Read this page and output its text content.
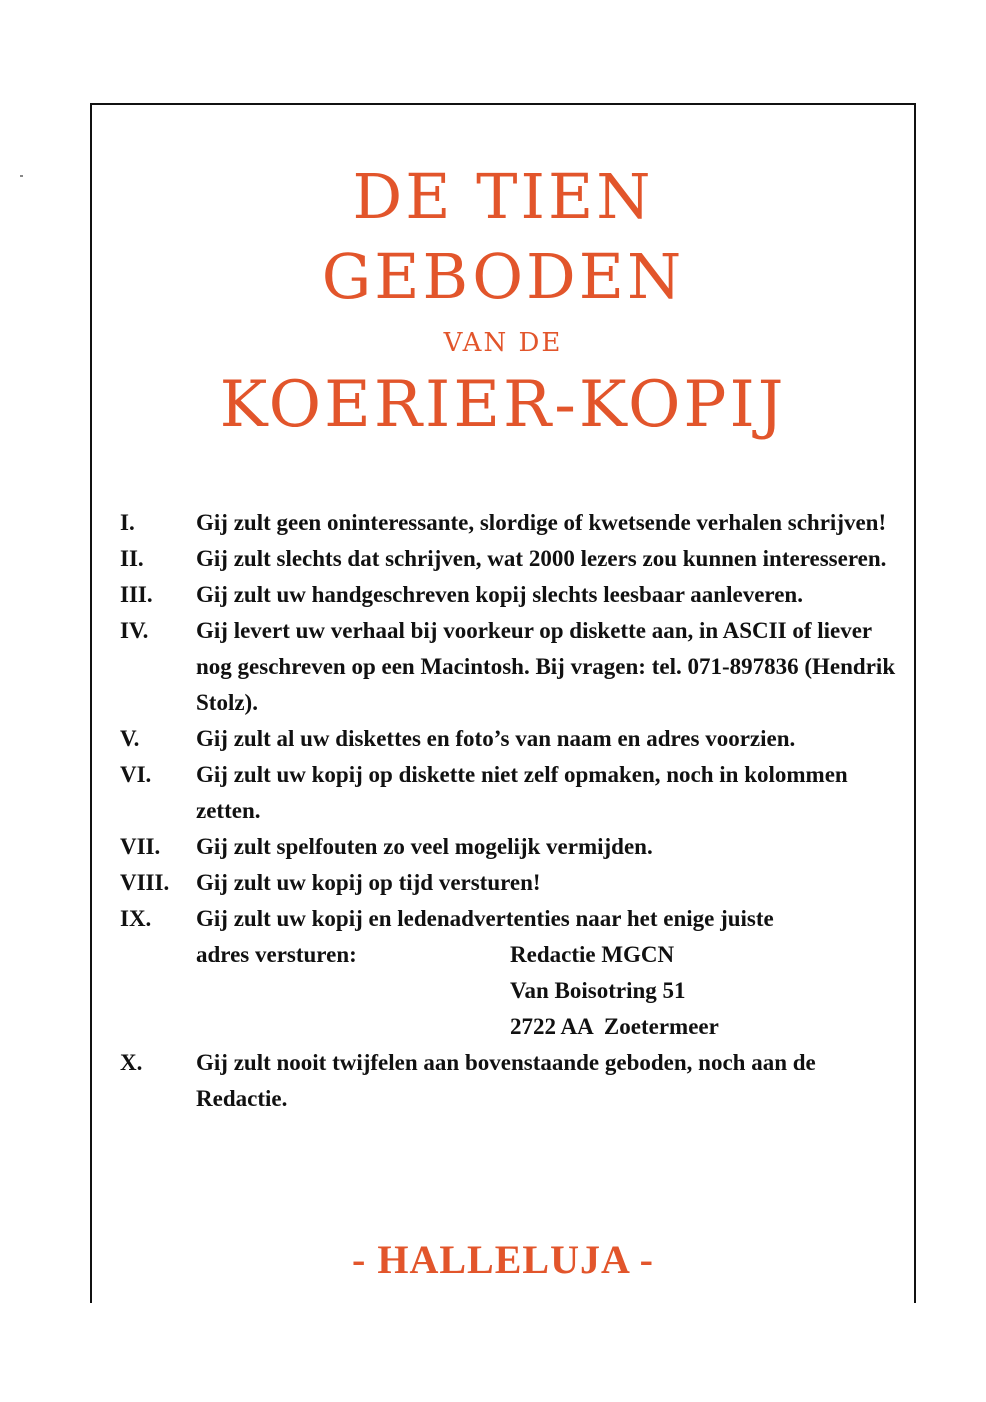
DE TIEN
GEBODEN
VAN DE
KOERIER-KOPIJ
I.	Gij zult geen oninteressante, slordige of kwetsende verhalen schrijven!
II.	Gij zult slechts dat schrijven, wat 2000 lezers zou kunnen interesseren.
III.	Gij zult uw handgeschreven kopij slechts leesbaar aanleveren.
IV.	Gij levert uw verhaal bij voorkeur op diskette aan, in ASCII of liever nog geschreven op een Macintosh. Bij vragen: tel. 071-897836 (Hendrik Stolz).
V.	Gij zult al uw diskettes en foto’s van naam en adres voorzien.
VI.	Gij zult uw kopij op diskette niet zelf opmaken, noch in kolommen zetten.
VII.	Gij zult spelfouten zo veel mogelijk vermijden.
VIII.	Gij zult uw kopij op tijd versturen!
IX.	Gij zult uw kopij en ledenadvertenties naar het enige juiste
adres versturen:	Redactie MGCN
Van Boisotring 51
2722 AA  Zoetermeer
X.	Gij zult nooit twijfelen aan bovenstaande geboden, noch aan de Redactie.
- HALLELUJA -
